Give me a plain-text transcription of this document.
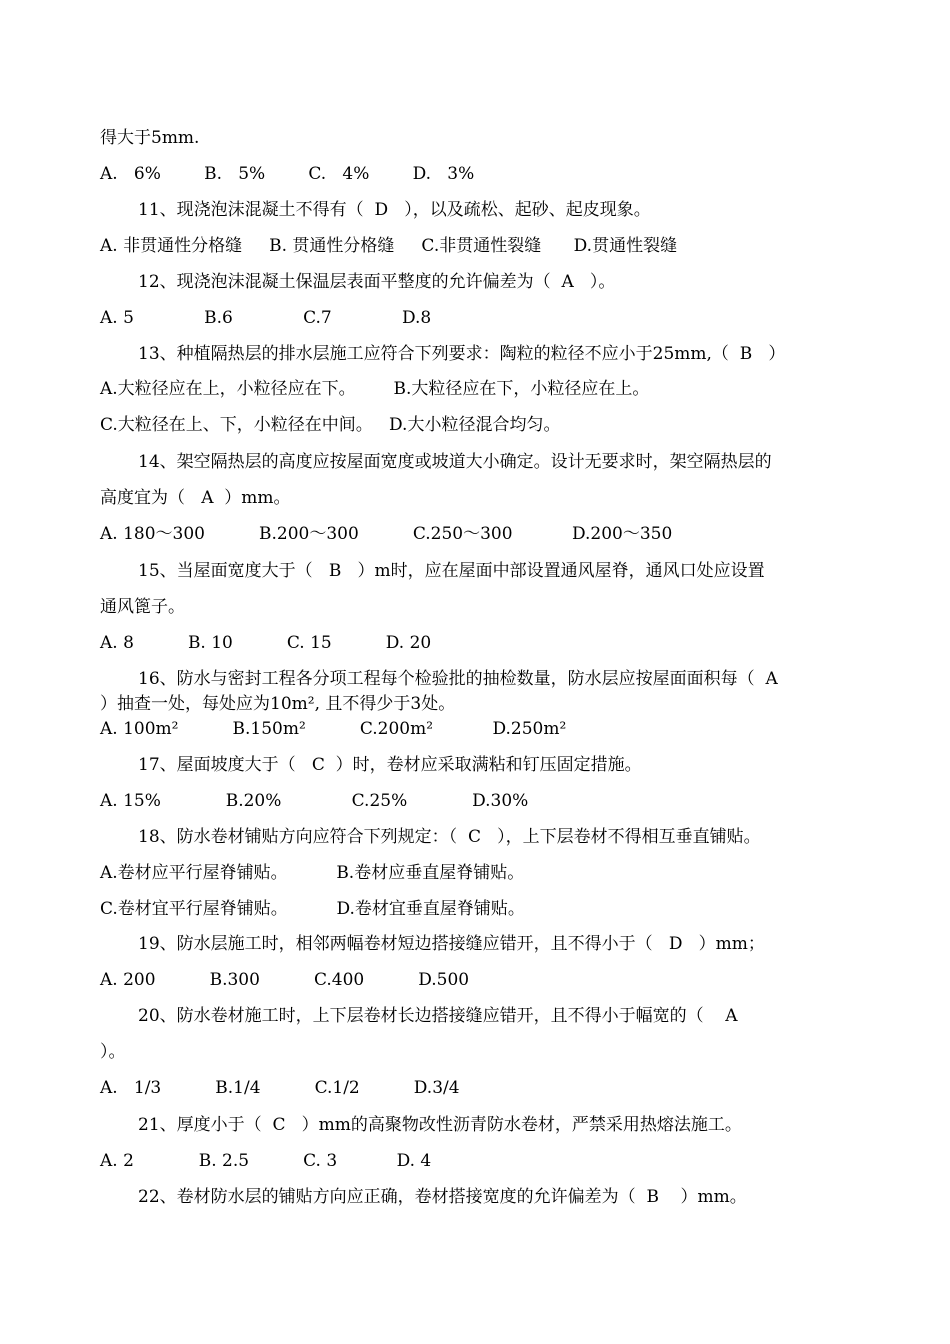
得大于5mm.
A.   6%        B.   5%        C.   4%        D.   3%
11、现浇泡沫混凝土不得有（  D   ），以及疏松、起砂、起皮现象。
A. 非贯通性分格缝     B. 贯通性分格缝     C.非贯通性裂缝      D.贯通性裂缝
12、现浇泡沫混凝土保温层表面平整度的允许偏差为（  A   ）。
A. 5             B.6             C.7             D.8
13、种植隔热层的排水层施工应符合下列要求：陶粒的粒径不应小于25mm,（  B   ）
A.大粒径应在上，小粒径应在下。       B.大粒径应在下，小粒径应在上。
C.大粒径在上、下，小粒径在中间。   D.大小粒径混合均匀。
14、架空隔热层的高度应按屋面宽度或坡道大小确定。设计无要求时，架空隔热层的
高度宜为（   A  ）mm。
A. 180～300          B.200～300          C.250～300           D.200～350
15、当屋面宽度大于（   B   ）m时，应在屋面中部设置通风屋脊，通风口处应设置
通风篦子。
A. 8          B. 10          C. 15          D. 20
16、防水与密封工程各分项工程每个检验批的抽检数量，防水层应按屋面面积每（  A
）抽查一处，每处应为10m², 且不得少于3处。
A. 100m²          B.150m²          C.200m²           D.250m²
17、屋面坡度大于（   C  ）时，卷材应采取满粘和钉压固定措施。
A. 15%            B.20%             C.25%            D.30%
18、防水卷材铺贴方向应符合下列规定：（  C   ），上下层卷材不得相互垂直铺贴。
A.卷材应平行屋脊铺贴。         B.卷材应垂直屋脊铺贴。
C.卷材宜平行屋脊铺贴。         D.卷材宜垂直屋脊铺贴。
19、防水层施工时，相邻两幅卷材短边搭接缝应错开，且不得小于（   D   ）mm；
A. 200          B.300          C.400          D.500
20、防水卷材施工时，上下层卷材长边搭接缝应错开，且不得小于幅宽的（    A
）。
A.   1/3          B.1/4          C.1/2          D.3/4
21、厚度小于（  C   ）mm的高聚物改性沥青防水卷材，严禁采用热熔法施工。
A. 2            B. 2.5          C. 3           D. 4
22、卷材防水层的铺贴方向应正确，卷材搭接宽度的允许偏差为（  B    ）mm。
